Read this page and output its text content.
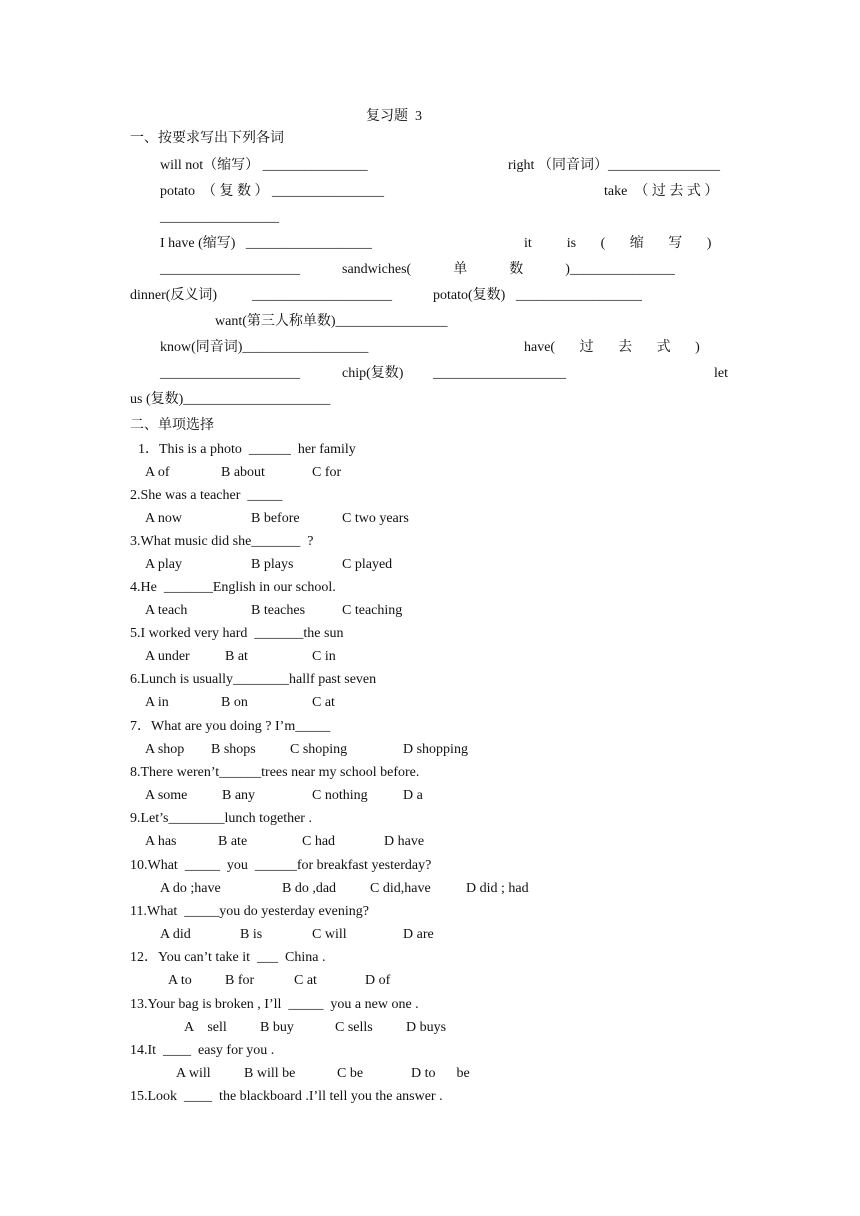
复习题  3
一、按要求写出下列各词
will not（缩写） _______________	right （同音词）________________
potato  （ 复 数 ） ________________	take  （ 过 去 式 ）
_________________
I have (缩写)   __________________	it          is       (       缩       写       )
____________________	sandwiches(            单            数            )_______________
dinner(反义词) ____________________	potato(复数)   __________________
want(第三人称单数)________________
know(同音词)__________________	have(       过       去       式       )
____________________	chip(复数) ___________________	let
us (复数)_____________________
二、单项选择
1．This is a photo  ______  her family
A of	B about	C for
2.She was a teacher  _____
A now	B before	C two years
3.What music did she_______  ?
A play	B plays	C played
4.He  _______English in our school.
A teach	B teaches	C teaching
5.I worked very hard  _______the sun
A under	B at	C in
6.Lunch is usually________hallf past seven
A in	B on	C at
7．What are you doing ? I’m_____
A shop B shops C shoping	D shopping
8.There weren’t______trees near my school before.
A some B any	C nothing	D a
9.Let’s________lunch together .
A has	B ate	C had	D have
10.What  _____  you  ______for breakfast yesterday?
A do ;have	B do ,dad C did,have	D did ; had
11.What  _____you do yesterday evening?
A did	B is	C will	D are
12．You can’t take it  ___  China .
A to B for	C at	D of
13.Your bag is broken , I’ll  _____  you a new one .
A    sell B buy	C sells D buys
14.It  ____  easy for you .
A will B will be	C be	D to      be
15.Look  ____  the blackboard .I’ll tell you the answer .
